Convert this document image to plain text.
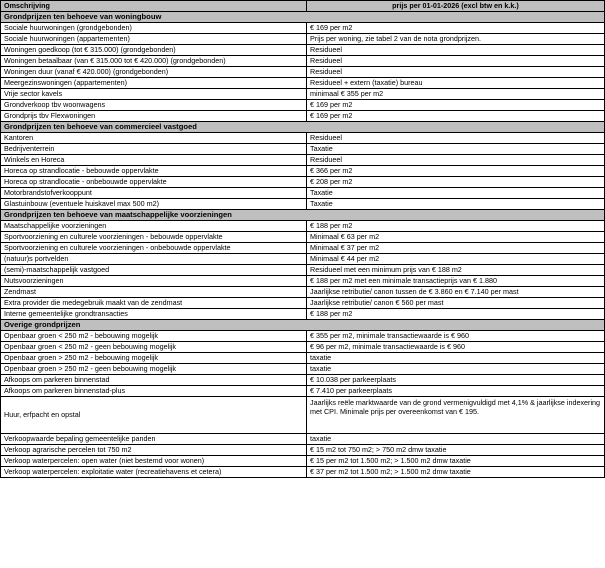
Omschrijving	prijs per 01-01-2026 (excl btw en k.k.)
Grondprijzen ten behoeve van woningbouw	
Sociale huurwoningen (grondgebonden)	€ 169 per m2
Sociale huurwoningen (appartementen)	Prijs per woning, zie tabel 2 van de nota grondprijzen.
Woningen goedkoop (tot € 315.000) (grondgebonden)	Residueel
Woningen betaalbaar (van € 315.000 tot € 420.000) (grondgebonden)	Residueel
Woningen duur (vanaf € 420.000) (grondgebonden)	Residueel
Meergezinswoningen (appartementen)	Residueel + extern (taxatie) bureau
Vrije sector kavels	minimaal € 355 per m2
Grondverkoop tbv woonwagens	€ 169 per m2
Grondprijs tbv Flexwoningen	€ 169 per m2
Grondprijzen ten behoeve van commercieel vastgoed	
Kantoren	Residueel
Bedrijventerrein	Taxatie
Winkels en Horeca	Residueel
Horeca op strandlocatie - bebouwde oppervlakte	€ 366 per m2
Horeca op strandlocatie - onbebouwde oppervlakte	€ 208 per m2
Motorbrandstofverkooppunt	Taxatie
Glastuinbouw (eventuele huiskavel max 500 m2)	Taxatie
Grondprijzen ten behoeve van maatschappelijke voorzieningen	
Maatschappelijke voorzieningen	€ 188 per m2
Sportvoorziening en culturele voorzieningen - bebouwde oppervlakte	Minimaal € 63 per m2
Sportvoorziening en culturele voorzieningen - onbebouwde oppervlakte	Minimaal € 37 per m2
(natuur)s portvelden	Minimaal € 44 per m2
(semi)-maatschappelijk vastgoed	Residueel met een minimum prijs van € 188 m2
Nutsvoorzieningen	€ 188 per m2 met een minimale transactieprijs van € 1.880
Zendmast	Jaarlijkse retributie/ canon tussen de € 3.860 en € 7.140 per mast
Extra provider die medegebruik maakt van de zendmast	Jaarlijkse retributie/ canon € 560 per mast
Interne gemeentelijke grondtransacties	€ 188 per m2
Overige grondprijzen	
Openbaar groen < 250 m2 - bebouwing mogelijk	€ 355 per m2, minimale transactiewaarde is € 960
Openbaar groen < 250 m2 - geen bebouwing mogelijk	€ 96 per m2, minimale transactiewaarde is € 960
Openbaar groen > 250 m2 - bebouwing mogelijk	taxatie
Openbaar groen > 250 m2 - geen bebouwing mogelijk	taxatie
Afkoops om parkeren binnenstad	€ 10.038 per parkeerplaats
Afkoops om parkeren binnenstad-plus	€ 7.410 per parkeerplaats
Huur, erfpacht en opstal	Jaarlijks reële marktwaarde van de grond vermenigvuldigd met 4,1% & jaarlijkse indexering met CPI. Minimale prijs per overeenkomst van € 195.
Verkoopwaarde bepaling gemeentelijke panden	taxatie
Verkoop agrarische percelen tot 750 m2	€ 15 m2 tot 750 m2; > 750 m2 dmw taxatie
Verkoop waterpercelen: open water (niet bestemd voor wonen)	€ 15 per m2 tot 1.500 m2; > 1.500 m2 dmw taxatie
Verkoop waterpercelen: exploitatie water (recreatiehavens et cetera)	€ 37 per m2 tot 1.500 m2; > 1.500 m2 dmw taxatie
